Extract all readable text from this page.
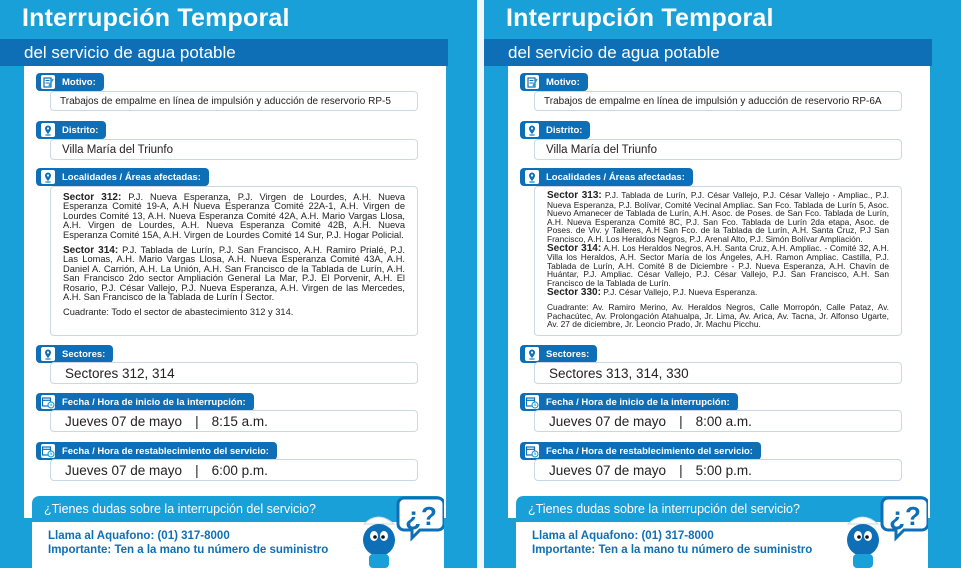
Interrupción Temporal
del servicio de agua potable
Motivo:
Trabajos de empalme en línea de impulsión y aducción de reservorio RP-5
Distrito:
Villa María del Triunfo
Localidades / Áreas afectadas:
Sector 312: P.J. Nueva Esperanza, P.J. Virgen de Lourdes, A.H. Nueva Esperanza Comité 19-A, A.H Nueva Esperanza Comité 22A-1, A.H. Virgen de Lourdes Comité 13, A.H. Nueva Esperanza Comité 42A, A.H. Mario Vargas Llosa, A.H. Virgen de Lourdes, A.H. Nueva Esperanza Comité 42B, A.H. Nueva Esperanza Comité 15A, A.H. Virgen de Lourdes Comité 14 Sur, P.J. Hogar Policial.
Sector 314: P.J. Tablada de Lurín, P.J. San Francisco, A.H. Ramiro Prialé, P.J. Las Lomas, A.H. Mario Vargas Llosa, A.H. Nueva Esperanza Comité 43A, A.H. Daniel A. Carrión, A.H. La Unión, A.H. San Francisco de la Tablada de Lurín, A.H. San Francisco 2do sector Ampliación General La Mar, P.J. El Porvenir, A.H. El Rosario, P.J. César Vallejo, P.J. Nueva Esperanza, A.H. Virgen de las Mercedes, A.H. San Francisco de la Tablada de Lurín I Sector.
Cuadrante: Todo el sector de abastecimiento 312 y 314.
Sectores:
Sectores 312, 314
Fecha / Hora de inicio de la interrupción:
Jueves 07 de mayo | 8:15 a.m.
Fecha / Hora de restablecimiento del servicio:
Jueves 07 de mayo | 6:00 p.m.
¿Tienes dudas sobre la interrupción del servicio?
Llama al Aquafono: (01) 317-8000
Importante: Ten a la mano tu número de suministro
¿?
Interrupción Temporal
del servicio de agua potable
Motivo:
Trabajos de empalme en línea de impulsión y aducción de reservorio RP-6A
Distrito:
Villa María del Triunfo
Localidades / Áreas afectadas:
Sector 313: P.J. Tablada de Lurín, P.J. César Vallejo, P.J. César Vallejo - Ampliac., P.J. Nueva Esperanza, P.J. Bolívar, Comité Vecinal Ampliac. San Fco. Tablada de Lurín 5, Asoc. Nuevo Amanecer de Tablada de Lurín, A.H. Asoc. de Poses. de San Fco. Tablada de Lurín, A.H. Nueva Esperanza Comité 8C, P.J. San Fco. Tablada de Lurín 2da etapa, Asoc. de Poses. de Viv. y Talleres, A.H San Fco. de la Tablada de Lurín, A.H. Santa Cruz, P.J San Francisco, A.H. Los Heraldos Negros, P.J. Arenal Alto, P.J. Simón Bolívar Ampliación.
Sector 314: A.H. Los Heraldos Negros, A.H. Santa Cruz, A.H. Ampliac. - Comité 32, A.H. Villa los Heraldos, A.H. Sector María de los Ángeles, A.H. Ramon Ampliac. Castilla, P.J. Tablada de Lurín, A.H. Comité 8 de Diciembre - P.J. Nueva Esperanza, A.H. Chavín de Huántar, P.J. Ampliac. César Vallejo, P.J. César Vallejo, P.J. San Francisco, A.H. San Francisco de la Tablada de Lurín.
Sector 330: P.J. César Vallejo, P.J. Nueva Esperanza.
Cuadrante: Av. Ramiro Merino, Av. Heraldos Negros, Calle Morropón, Calle Pataz, Av. Pachacútec, Av. Prolongación Atahualpa, Jr. Lima, Av. Arica, Av. Tacna, Jr. Alfonso Ugarte, Av. 27 de diciembre, Jr. Leoncio Prado, Jr. Machu Picchu.
Sectores:
Sectores 313, 314, 330
Fecha / Hora de inicio de la interrupción:
Jueves 07 de mayo | 8:00 a.m.
Fecha / Hora de restablecimiento del servicio:
Jueves 07 de mayo | 5:00 p.m.
¿Tienes dudas sobre la interrupción del servicio?
Llama al Aquafono: (01) 317-8000
Importante: Ten a la mano tu número de suministro
¿?
